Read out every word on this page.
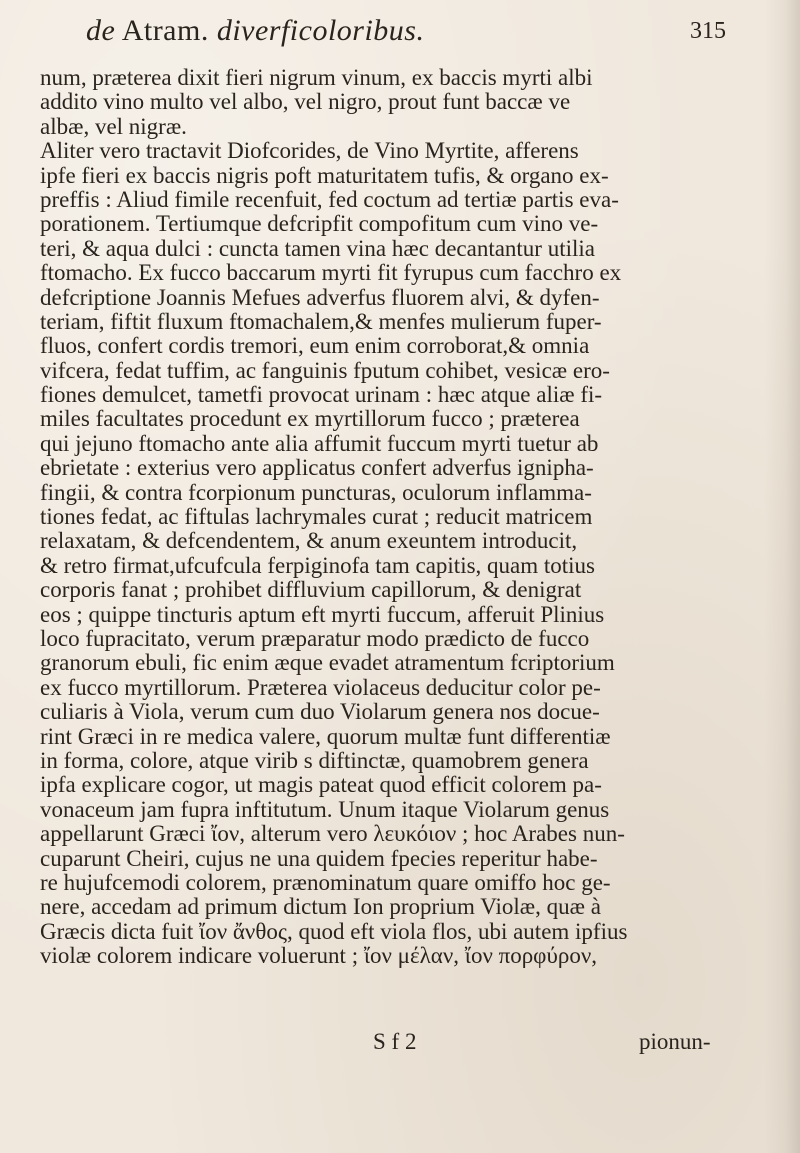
de Atram. diverficoloribus.	315
num, præterea dixit fieri nigrum vinum, ex baccis myrti albi
addito vino multo vel albo, vel nigro, prout funt baccæ ve
albæ, vel nigræ.
Aliter vero tractavit Diofcorides, de Vino Myrtite, afferens
ipfe fieri ex baccis nigris poft maturitatem tufis, & organo ex-
preffis : Aliud fimile recenfuit, fed coctum ad tertiæ partis eva-
porationem. Tertiumque defcripfit compofitum cum vino ve-
teri, & aqua dulci : cuncta tamen vina hæc decantantur utilia
ftomacho. Ex fucco baccarum myrti fit fyrupus cum facchro ex
defcriptione Joannis Mefues adverfus fluorem alvi, & dyfen-
teriam, fiftit fluxum ftomachalem,& menfes mulierum fuper-
fluos, confert cordis tremori, eum enim corroborat,& omnia
vifcera, fedat tuffim, ac fanguinis fputum cohibet, vesicæ ero-
fiones demulcet, tametfi provocat urinam : hæc atque aliæ fi-
miles facultates procedunt ex myrtillorum fucco ; præterea
qui jejuno ftomacho ante alia affumit fuccum myrti tuetur ab
ebrietate : exterius vero applicatus confert adverfus ignipha-
fingii, & contra fcorpionum puncturas, oculorum inflamma-
tiones fedat, ac fiftulas lachrymales curat ; reducit matricem
relaxatam, & defcendentem, & anum exeuntem introducit,
& retro firmat,ufcufcula ferpiginofa tam capitis, quam totius
corporis fanat ; prohibet diffluvium capillorum, & denigrat
eos ; quippe tincturis aptum eft myrti fuccum, afferuit Plinius
loco fupracitato, verum præparatur modo prædicto de fucco
granorum ebuli, fic enim æque evadet atramentum fcriptorium
ex fucco myrtillorum. Præterea violaceus deducitur color pe-
culiaris à Viola, verum cum duo Violarum genera nos docue-
rint Græci in re medica valere, quorum multæ funt differentiæ
in forma, colore, atque virib s diftinctæ, quamobrem genera
ipfa explicare cogor, ut magis pateat quod efficit colorem pa-
vonaceum jam fupra inftitutum. Unum itaque Violarum genus
appellarunt Græci ἴον, alterum vero λευκόιον ; hoc Arabes nun-
cuparunt Cheiri, cujus ne una quidem fpecies reperitur habe-
re hujufcemodi colorem, prænominatum quare omiffo hoc ge-
nere, accedam ad primum dictum Ion proprium Violæ, quæ à
Græcis dicta fuit ἴον ἄνθος, quod eft viola flos, ubi autem ipfius
violæ colorem indicare voluerunt ; ἴον μέλαν, ἴον πορφύρον,
S f 2	pionun-
